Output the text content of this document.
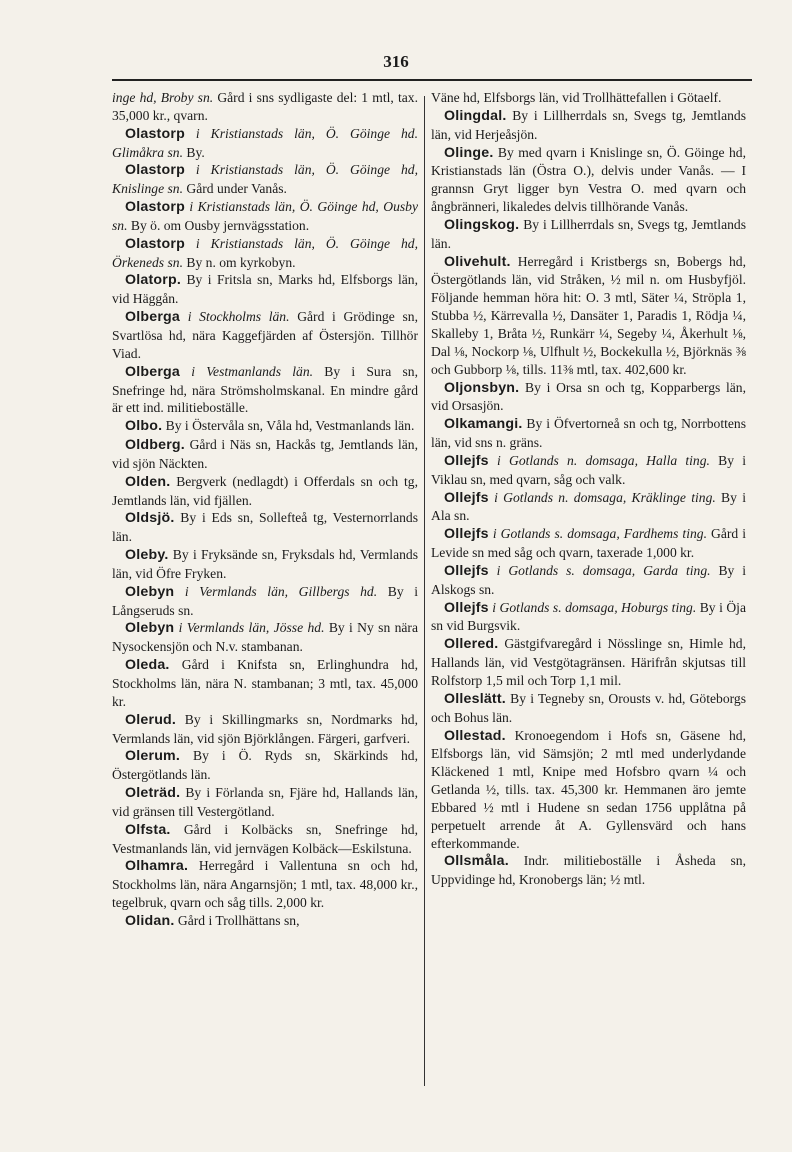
316

inge hd, Broby sn. Gård i sns sydligaste del: 1 mtl, tax. 35,000 kr., qvarn.

Olastorp i Kristianstads län, Ö. Göinge hd. Glimåkra sn. By.

Olastorp i Kristianstads län, Ö. Göinge hd, Knislinge sn. Gård under Vanås.

Olastorp i Kristianstads län, Ö. Göinge hd, Ousby sn. By ö. om Ousby jernvägsstation.

Olastorp i Kristianstads län, Ö. Göinge hd, Örkeneds sn. By n. om kyrkobyn.

Olatorp. By i Fritsla sn, Marks hd, Elfsborgs län, vid Häggån.

Olberga i Stockholms län. Gård i Grödinge sn, Svartlösa hd, nära Kaggefjärden af Östersjön. Tillhör Viad.

Olberga i Vestmanlands län. By i Sura sn, Snefringe hd, nära Strömsholmskanal. En mindre gård är ett ind. militieboställe.

Olbo. By i Östervåla sn, Våla hd, Vestmanlands län.

Oldberg. Gård i Näs sn, Hackås tg, Jemtlands län, vid sjön Näckten.

Olden. Bergverk (nedlagdt) i Offerdals sn och tg, Jemtlands län, vid fjällen.

Oldsjö. By i Eds sn, Sollefteå tg, Vesternorrlands län.

Oleby. By i Fryksände sn, Fryksdals hd, Vermlands län, vid Öfre Fryken.

Olebyn i Vermlands län, Gillbergs hd. By i Långseruds sn.

Olebyn i Vermlands län, Jösse hd. By i Ny sn nära Nysockensjön och N.v. stambanan.

Oleda. Gård i Knifsta sn, Erlinghundra hd, Stockholms län, nära N. stambanan; 3 mtl, tax. 45,000 kr.

Olerud. By i Skillingmarks sn, Nordmarks hd, Vermlands län, vid sjön Björklången. Färgeri, garfveri.

Olerum. By i Ö. Ryds sn, Skärkinds hd, Östergötlands län.

Oleträd. By i Förlanda sn, Fjäre hd, Hallands län, vid gränsen till Vestergötland.

Olfsta. Gård i Kolbäcks sn, Snefringe hd, Vestmanlands län, vid jernvägen Kolbäck—Eskilstuna.

Olhamra. Herregård i Vallentuna sn och hd, Stockholms län, nära Angarnsjön; 1 mtl, tax. 48,000 kr., tegelbruk, qvarn och såg tills. 2,000 kr.

Olidan. Gård i Trollhättans sn,

Väne hd, Elfsborgs län, vid Trollhättefallen i Götaelf.

Olingdal. By i Lillherrdals sn, Svegs tg, Jemtlands län, vid Herjeåsjön.

Olinge. By med qvarn i Knislinge sn, Ö. Göinge hd, Kristianstads län (Östra O.), delvis under Vanås. — I grannsn Gryt ligger byn Vestra O. med qvarn och ångbränneri, likaledes delvis tillhörande Vanås.

Olingskog. By i Lillherrdals sn, Svegs tg, Jemtlands län.

Olivehult. Herregård i Kristbergs sn, Bobergs hd, Östergötlands län, vid Stråken, ½ mil n. om Husbyfjöl. Följande hemman höra hit: O. 3 mtl, Säter ¼, Ströpla 1, Stubba ½, Kärrevalla ½, Dansäter 1, Paradis 1, Rödja ¼, Skalleby 1, Bråta ½, Runkärr ¼, Segeby ¼, Åkerhult ⅛, Dal ⅛, Nockorp ⅛, Ulfhult ½, Bockekulla ½, Björknäs ⅜ och Gubborp ⅛, tills. 11⅜ mtl, tax. 402,600 kr.

Oljonsbyn. By i Orsa sn och tg, Kopparbergs län, vid Orsasjön.

Olkamangi. By i Öfvertorneå sn och tg, Norrbottens län, vid sns n. gräns.

Ollejfs i Gotlands n. domsaga, Halla ting. By i Viklau sn, med qvarn, såg och valk.

Ollejfs i Gotlands n. domsaga, Kräklinge ting. By i Ala sn.

Ollejfs i Gotlands s. domsaga, Fardhems ting. Gård i Levide sn med såg och qvarn, taxerade 1,000 kr.

Ollejfs i Gotlands s. domsaga, Garda ting. By i Alskogs sn.

Ollejfs i Gotlands s. domsaga, Hoburgs ting. By i Öja sn vid Burgsvik.

Ollered. Gästgifvaregård i Nösslinge sn, Himle hd, Hallands län, vid Vestgötagränsen. Härifrån skjutsas till Rolfstorp 1,5 mil och Torp 1,1 mil.

Olleslätt. By i Tegneby sn, Orousts v. hd, Göteborgs och Bohus län.

Ollestad. Kronoegendom i Hofs sn, Gäsene hd, Elfsborgs län, vid Sämsjön; 2 mtl med underlydande Kläckened 1 mtl, Knipe med Hofsbro qvarn ¼ och Getlanda ½, tills. tax. 45,300 kr. Hemmanen äro jemte Ebbared ½ mtl i Hudene sn sedan 1756 upplåtna på perpetuelt arrende åt A. Gyllensvärd och hans efterkommande.

Ollsmåla. Indr. militieboställe i Åsheda sn, Uppvidinge hd, Kronobergs län; ½ mtl.
